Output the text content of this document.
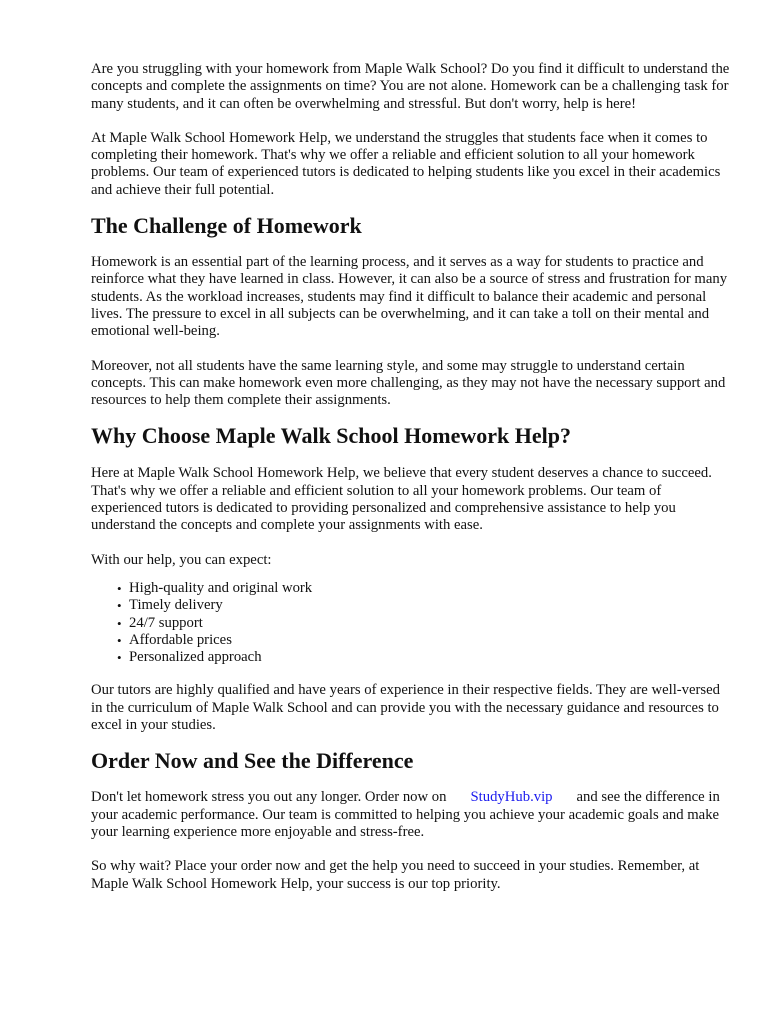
Are you struggling with your homework from Maple Walk School? Do you find it difficult to understand the concepts and complete the assignments on time? You are not alone. Homework can be a challenging task for many students, and it can often be overwhelming and stressful. But don't worry, help is here!

At Maple Walk School Homework Help, we understand the struggles that students face when it comes to completing their homework. That's why we offer a reliable and efficient solution to all your homework problems. Our team of experienced tutors is dedicated to helping students like you excel in their academics and achieve their full potential.

The Challenge of Homework

Homework is an essential part of the learning process, and it serves as a way for students to practice and reinforce what they have learned in class. However, it can also be a source of stress and frustration for many students. As the workload increases, students may find it difficult to balance their academic and personal lives. The pressure to excel in all subjects can be overwhelming, and it can take a toll on their mental and emotional well-being.

Moreover, not all students have the same learning style, and some may struggle to understand certain concepts. This can make homework even more challenging, as they may not have the necessary support and resources to help them complete their assignments.

Why Choose Maple Walk School Homework Help?

Here at Maple Walk School Homework Help, we believe that every student deserves a chance to succeed. That's why we offer a reliable and efficient solution to all your homework problems. Our team of experienced tutors is dedicated to providing personalized and comprehensive assistance to help you understand the concepts and complete your assignments with ease.

With our help, you can expect:

• High-quality and original work
• Timely delivery
• 24/7 support
• Affordable prices
• Personalized approach

Our tutors are highly qualified and have years of experience in their respective fields. They are well-versed in the curriculum of Maple Walk School and can provide you with the necessary guidance and resources to excel in your studies.

Order Now and See the Difference

Don't let homework stress you out any longer. Order now on StudyHub.vip and see the difference in your academic performance. Our team is committed to helping you achieve your academic goals and make your learning experience more enjoyable and stress-free.

So why wait? Place your order now and get the help you need to succeed in your studies. Remember, at Maple Walk School Homework Help, your success is our top priority.
